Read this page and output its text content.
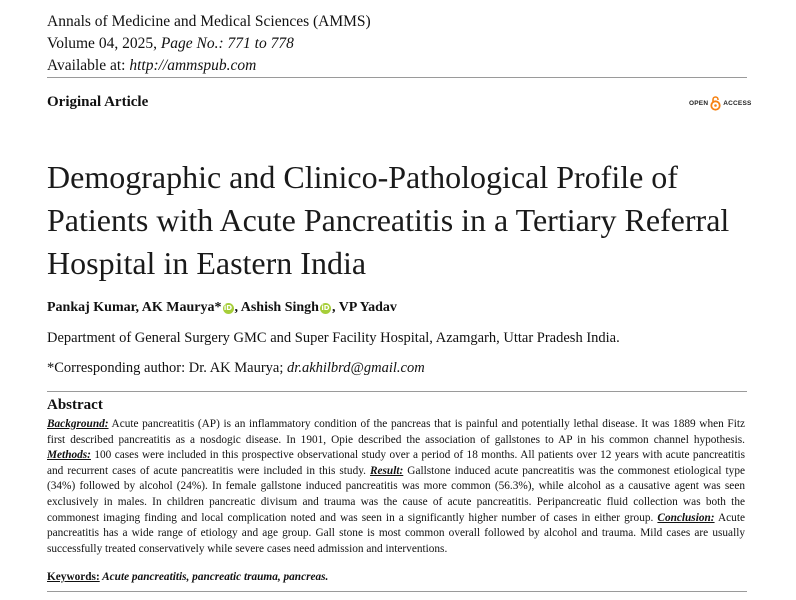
Annals of Medicine and Medical Sciences (AMMS)
Volume 04, 2025, Page No.: 771 to 778
Available at: http://ammspub.com
Original Article	OPEN ACCESS
Demographic and Clinico-Pathological Profile of Patients with Acute Pancreatitis in a Tertiary Referral Hospital in Eastern India
Pankaj Kumar, AK Maurya* iD , Ashish Singh iD , VP Yadav
Department of General Surgery GMC and Super Facility Hospital, Azamgarh, Uttar Pradesh India.
*Corresponding author: Dr. AK Maurya; dr.akhilbrd@gmail.com
Abstract
Background: Acute pancreatitis (AP) is an inflammatory condition of the pancreas that is painful and potentially lethal disease. It was 1889 when Fitz first described pancreatitis as a nosdogic disease. In 1901, Opie described the association of gallstones to AP in his common channel hypothesis. Methods: 100 cases were included in this prospective observational study over a period of 18 months. All patients over 12 years with acute pancreatitis and recurrent cases of acute pancreatitis were included in this study. Result: Gallstone induced acute pancreatitis was the commonest etiological type (34%) followed by alcohol (24%). In female gallstone induced pancreatitis was more common (56.3%), while alcohol as a causative agent was seen exclusively in males. In children pancreatic divisum and trauma was the cause of acute pancreatitis. Peripancreatic fluid collection was both the commonest imaging finding and local complication noted and was seen in a significantly higher number of cases in either group. Conclusion: Acute pancreatitis has a wide range of etiology and age group. Gall stone is most common overall followed by alcohol and trauma. Mild cases are usually successfully treated conservatively while severe cases need admission and interventions.
Keywords: Acute pancreatitis, pancreatic trauma, pancreas.
